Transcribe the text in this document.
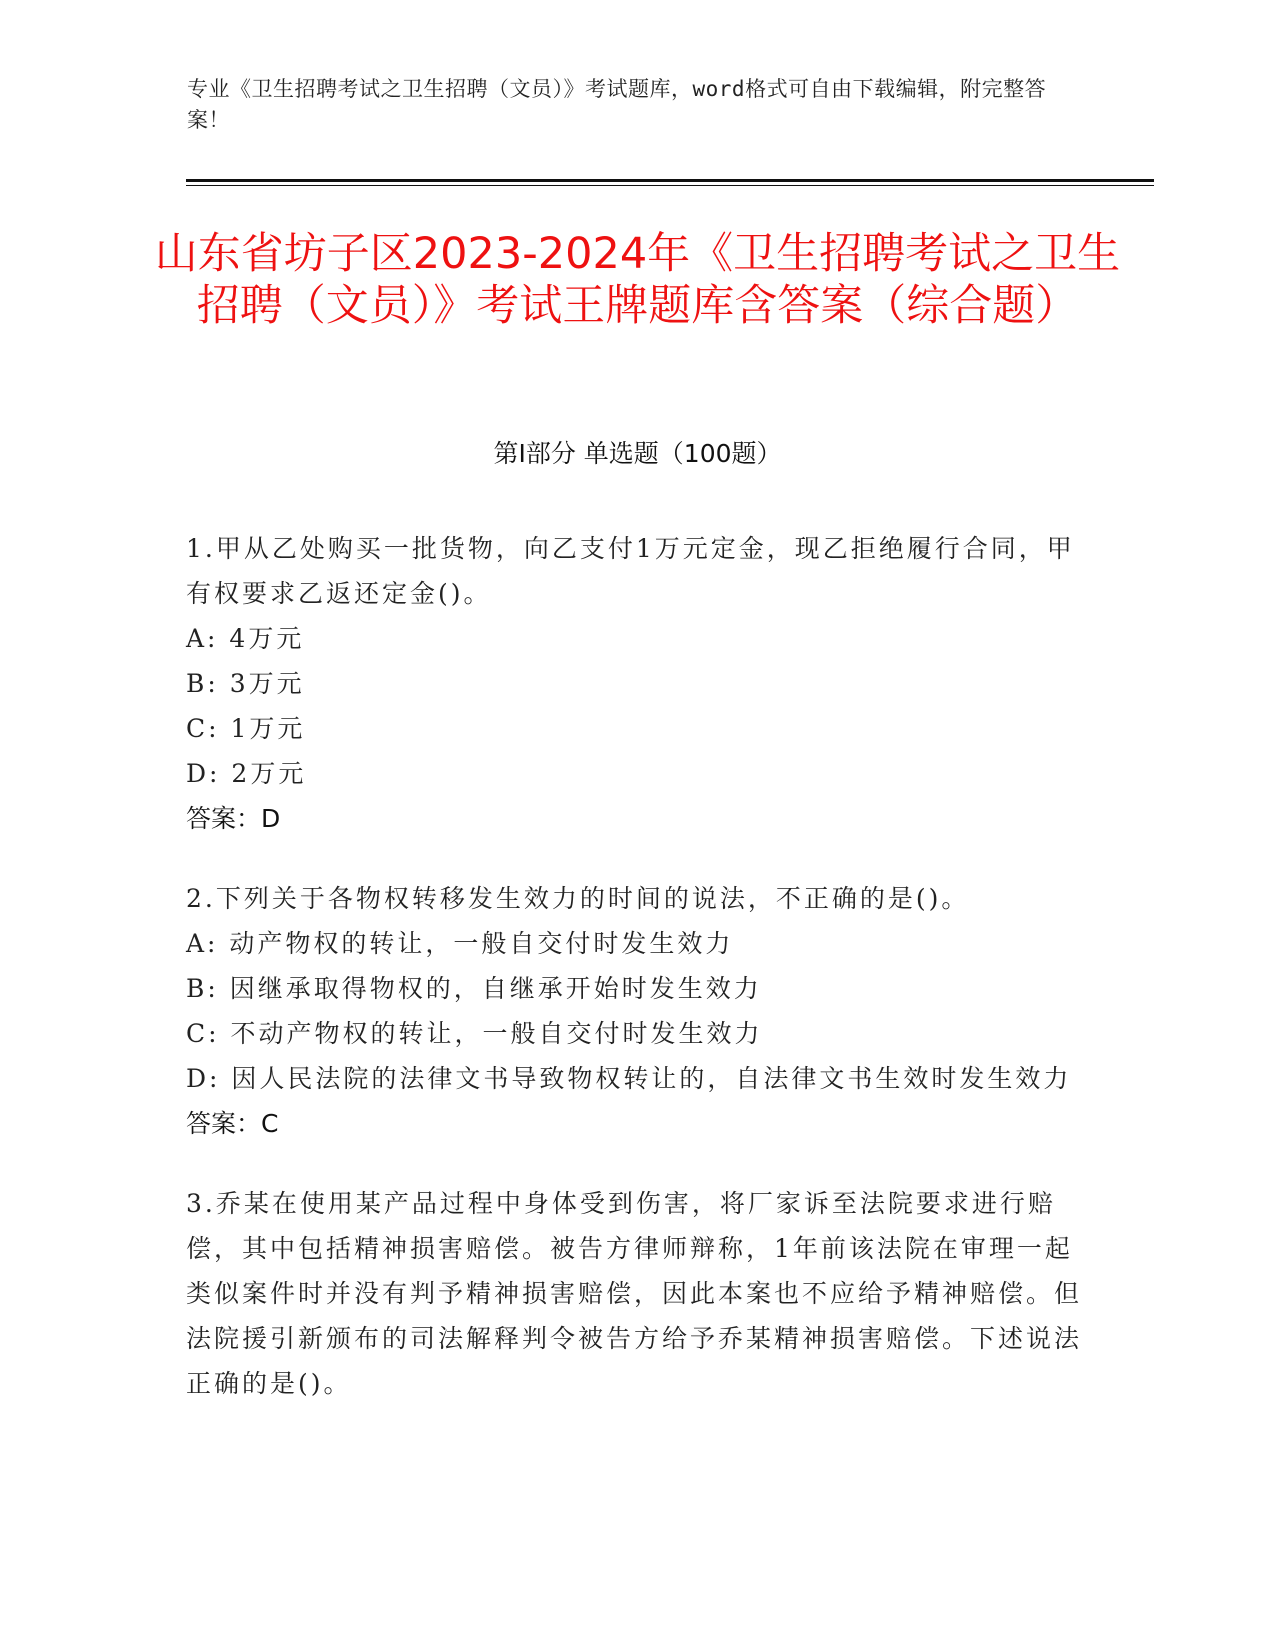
专业《卫生招聘考试之卫生招聘（文员）》考试题库，word格式可自由下载编辑，附完整答案！

山东省坊子区2023-2024年《卫生招聘考试之卫生招聘（文员）》考试王牌题库含答案（综合题）
第I部分 单选题（100题）

1.甲从乙处购买一批货物，向乙支付1万元定金，现乙拒绝履行合同，甲有权要求乙返还定金()。

A: 4万元

B: 3万元

C: 1万元

D: 2万元

答案：D

2.下列关于各物权转移发生效力的时间的说法，不正确的是()。

A: 动产物权的转让，一般自交付时发生效力

B: 因继承取得物权的，自继承开始时发生效力

C: 不动产物权的转让，一般自交付时发生效力

D: 因人民法院的法律文书导致物权转让的，自法律文书生效时发生效力

答案：C

3.乔某在使用某产品过程中身体受到伤害，将厂家诉至法院要求进行赔偿，其中包括精神损害赔偿。被告方律师辩称，1年前该法院在审理一起类似案件时并没有判予精神损害赔偿，因此本案也不应给予精神赔偿。但法院援引新颁布的司法解释判令被告方给予乔某精神损害赔偿。下述说法正确的是()。
